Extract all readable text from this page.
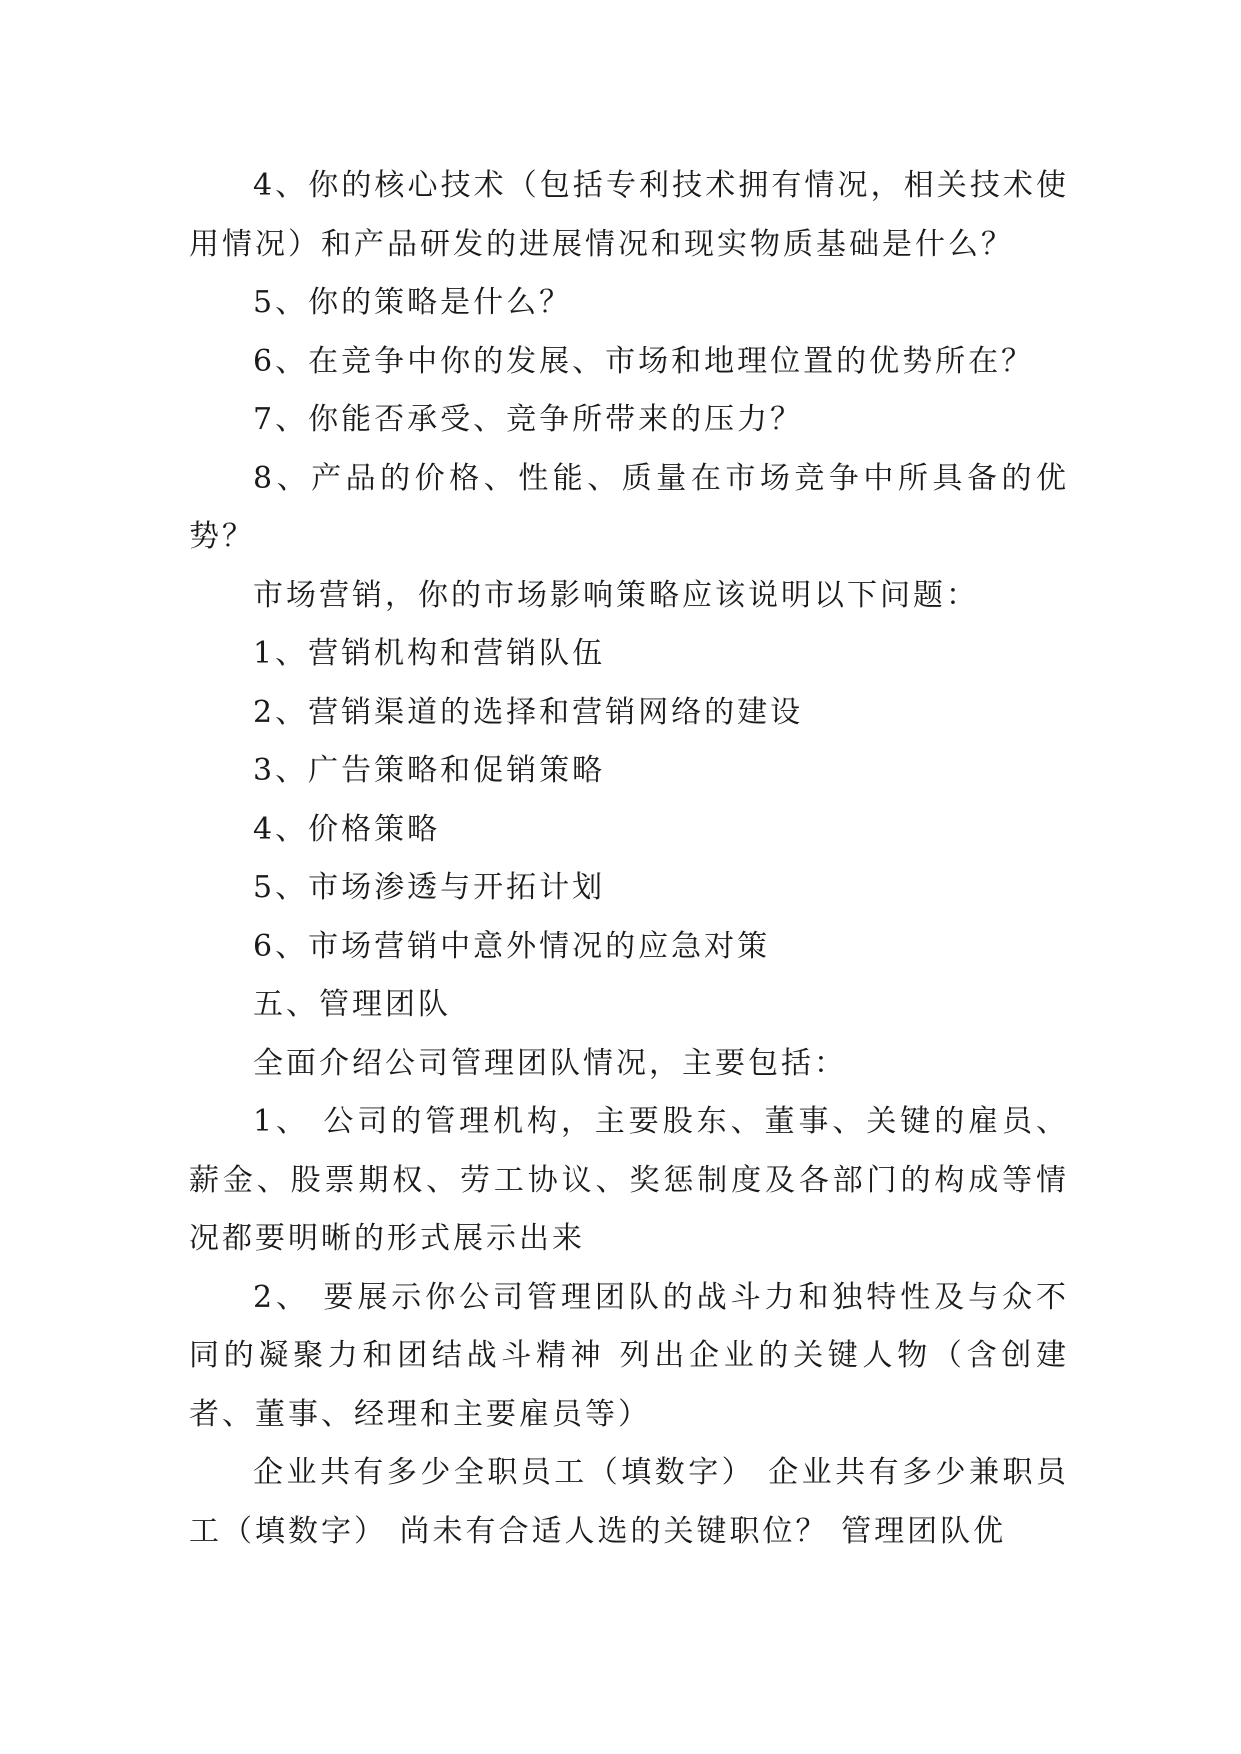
4、你的核心技术（包括专利技术拥有情况，相关技术使用情况）和产品研发的进展情况和现实物质基础是什么？

5、你的策略是什么？

6、在竞争中你的发展、市场和地理位置的优势所在？

7、你能否承受、竞争所带来的压力？

8、产品的价格、性能、质量在市场竞争中所具备的优势？

市场营销，你的市场影响策略应该说明以下问题：

1、营销机构和营销队伍

2、营销渠道的选择和营销网络的建设

3、广告策略和促销策略

4、价格策略

5、市场渗透与开拓计划

6、市场营销中意外情况的应急对策

五、管理团队

全面介绍公司管理团队情况，主要包括：

1、 公司的管理机构，主要股东、董事、关键的雇员、薪金、股票期权、劳工协议、奖惩制度及各部门的构成等情况都要明晰的形式展示出来

2、 要展示你公司管理团队的战斗力和独特性及与众不同的凝聚力和团结战斗精神 列出企业的关键人物（含创建者、董事、经理和主要雇员等）

企业共有多少全职员工（填数字） 企业共有多少兼职员工（填数字） 尚未有合适人选的关键职位？ 管理团队优
